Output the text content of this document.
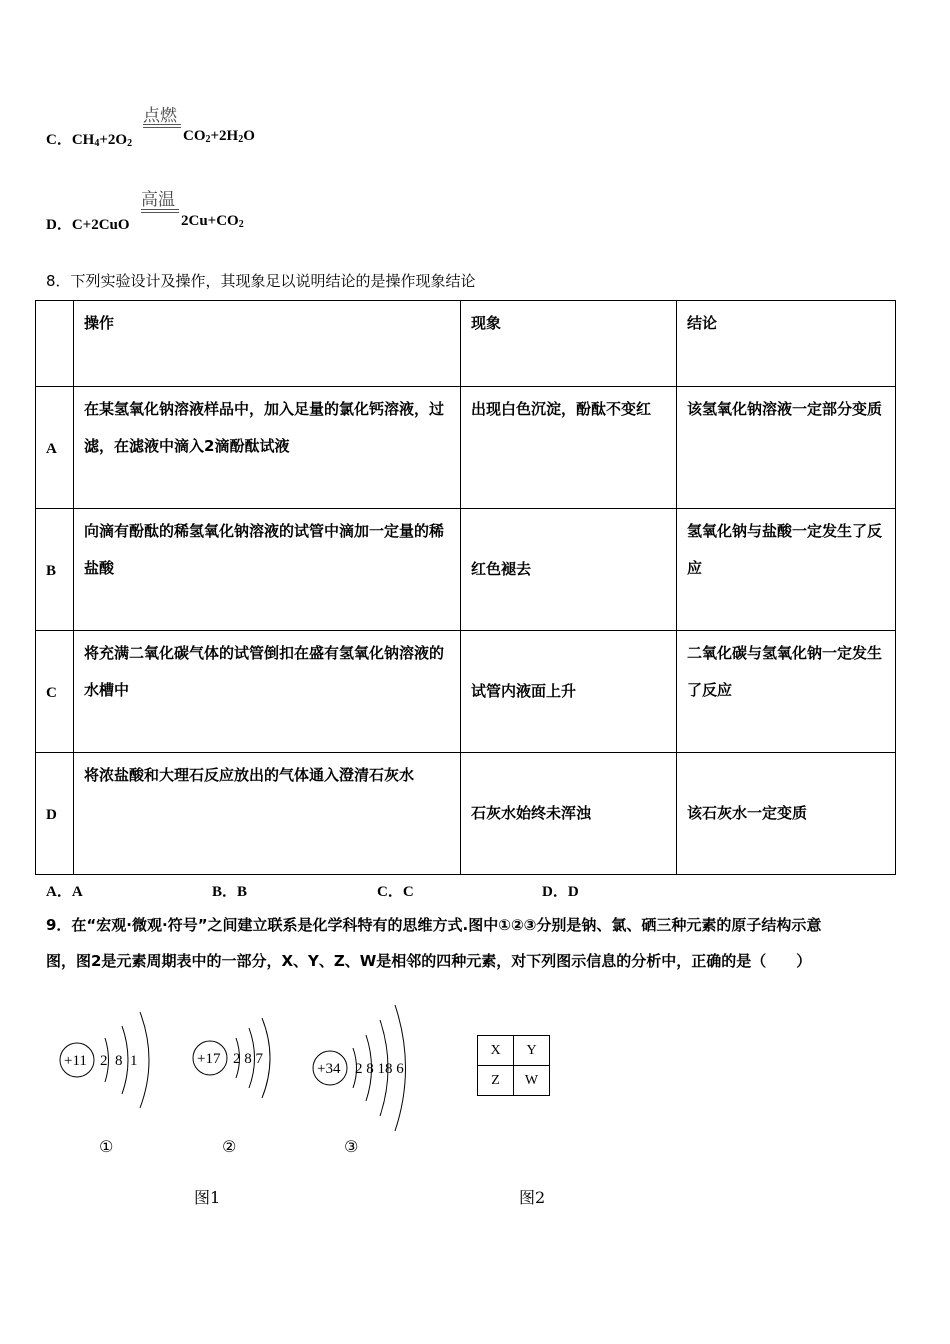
C．$CH_4+2O_2$
点燃
$CO_2+2H_2O$
D．C+2CuO
高温
$2Cu+CO_2$
8．下列实验设计及操作，其现象足以说明结论的是操作现象结论
	操作	现象	结论
A	在某氢氧化钠溶液样品中，加入足量的氯化钙溶液，过滤，在滤液中滴入2滴酚酞试液	出现白色沉淀，酚酞不变红	该氢氧化钠溶液一定部分变质
B	向滴有酚酞的稀氢氧化钠溶液的试管中滴加一定量的稀盐酸	红色褪去	氢氧化钠与盐酸一定发生了反应
C	将充满二氧化碳气体的试管倒扣在盛有氢氧化钠溶液的水槽中	试管内液面上升	二氧化碳与氢氧化钠一定发生了反应
D	将浓盐酸和大理石反应放出的气体通入澄清石灰水	石灰水始终未浑浊	该石灰水一定变质
A．A	B．B	C．C	D．D
9．在“宏观·微观·符号”之间建立联系是化学科特有的思维方式.图中①②③分别是钠、氯、硒三种元素的原子结构示意
图，图2是元素周期表中的一部分，X、Y、Z、W是相邻的四种元素，对下列图示信息的分析中，正确的是（　　）
+11 2  8  1	+17 2 8 7
+34 2 8 18 6
①	②	③
X	Y
Z	W
图1	图2
